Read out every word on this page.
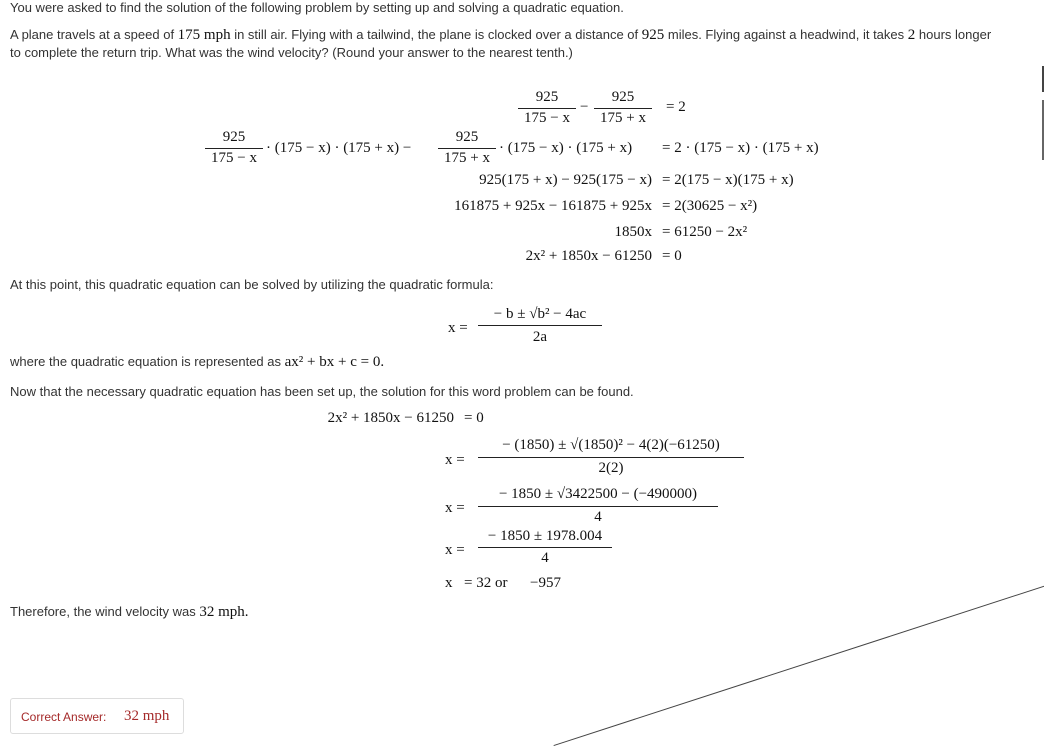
You were asked to find the solution of the following problem by setting up and solving a quadratic equation.
A plane travels at a speed of 175 mph in still air. Flying with a tailwind, the plane is clocked over a distance of 925 miles. Flying against a headwind, it takes 2 hours longer
to complete the return trip. What was the wind velocity? (Round your answer to the nearest tenth.)
925
175 − x
−
925
175 + x
= 2
925
175 − x
· (175 − x) · (175 + x) −
925
175 + x
· (175 − x) · (175 + x) = 2 · (175 − x) · (175 + x)
925(175 + x) − 925(175 − x) = 2(175 − x)(175 + x)
161875 + 925x − 161875 + 925x = 2(30625 − x²)
1850x = 61250 − 2x²
2x² + 1850x − 61250 = 0
At this point, this quadratic equation can be solved by utilizing the quadratic formula:
x =
− b ± √b² − 4ac
2a
where the quadratic equation is represented as ax² + bx + c = 0.
Now that the necessary quadratic equation has been set up, the solution for this word problem can be found.
2x² + 1850x − 61250 = 0
x =
− (1850) ± √(1850)² − 4(2)(−61250)
2(2)
x =
− 1850 ± √3422500 − (−490000)
4
x =
− 1850 ± 1978.004
4
x = 32 or −957
Therefore, the wind velocity was 32 mph.
Correct Answer: 32 mph
